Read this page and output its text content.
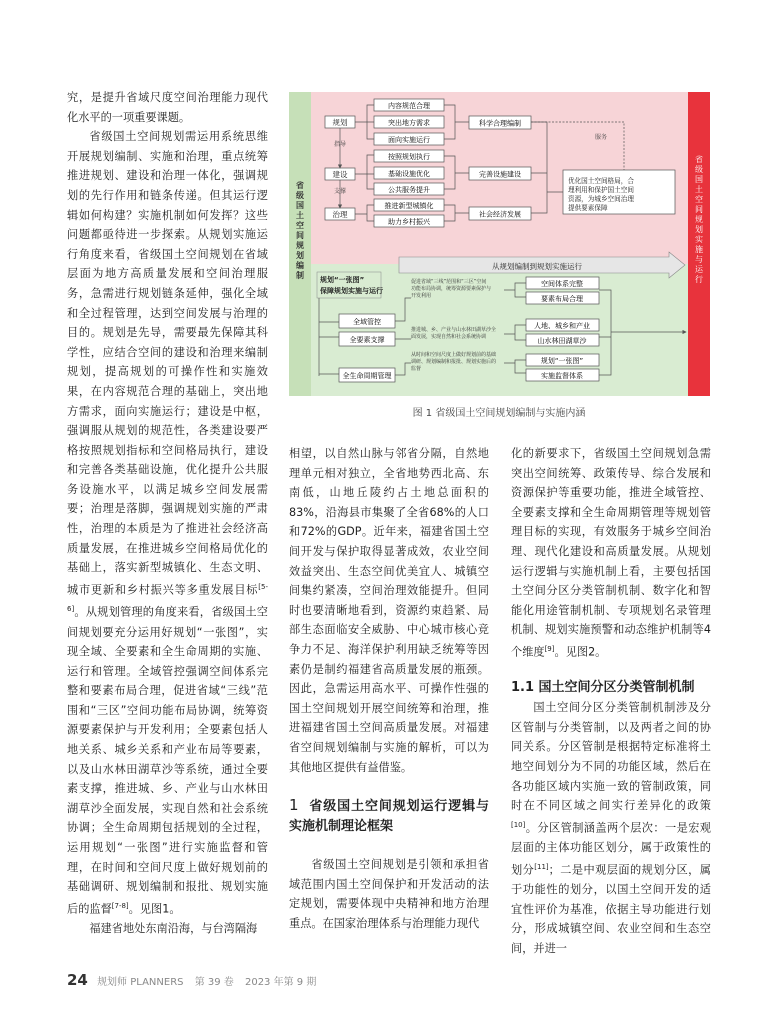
省级国土空间规划编制
省级国土空间规划实施与运行
规划
指导
建设
支撑
治理
内容规范合理
突出地方需求
面向实施运行
按照规划执行
基础设施优化
公共服务提升
推进新型城镇化
助力乡村振兴
科学合理编制
完善设施建设
社会经济发展
服务
优化国土空间格局，合 理利用和保护国土空间 资源，为城乡空间治理 提供要素保障
从规划编制到规划实施运行
规划“一张图” 保障规划实施与运行
全域管控
全要素支撑
全生命周期管理
促进省域“三线”范围和“三区”空间 功能布局协调，统筹资源要素保护与 开发利用
推进城、乡、产业与山水林田湖草沙全 面发展，实现自然和社会系统协调
从时间和空间尺度上做好规划前的基础 调研、规划编制和报批、规划实施后的 监督
空间体系完整
要素布局合理
人地、城乡和产业
山水林田湖草沙
规划“一张图”
实施监督体系
图 1 省级国土空间规划编制与实施内涵

究，是提升省域尺度空间治理能力现代化水平的一项重要课题。

省级国土空间规划需运用系统思维开展规划编制、实施和治理，重点统筹推进规划、建设和治理一体化，强调规划的先行作用和链条传递。但其运行逻辑如何构建？实施机制如何发挥？这些问题都亟待进一步探索。从规划实施运行角度来看，省级国土空间规划在省域层面为地方高质量发展和空间治理服务，急需进行规划链条延伸，强化全域和全过程管理，达到空间发展与治理的目的。规划是先导，需要最先保障其科学性，应结合空间的建设和治理来编制规划，提高规划的可操作性和实施效果，在内容规范合理的基础上，突出地方需求，面向实施运行；建设是中枢，强调服从规划的规范性，各类建设要严格按照规划指标和空间格局执行，建设和完善各类基础设施，优化提升公共服务设施水平，以满足城乡空间发展需要；治理是落脚，强调规划实施的严肃性，治理的本质是为了推进社会经济高质量发展，在推进城乡空间格局优化的基础上，落实新型城镇化、生态文明、城市更新和乡村振兴等多重发展目标[5-6]。从规划管理的角度来看，省级国土空间规划要充分运用好规划“一张图”，实现全域、全要素和全生命周期的实施、运行和管理。全域管控强调空间体系完整和要素布局合理，促进省域“三线”范围和“三区”空间功能布局协调，统筹资源要素保护与开发利用；全要素包括人地关系、城乡关系和产业布局等要素，以及山水林田湖草沙等系统，通过全要素支撑，推进城、乡、产业与山水林田湖草沙全面发展，实现自然和社会系统协调；全生命周期包括规划的全过程，运用规划“一张图”进行实施监督和管理，在时间和空间尺度上做好规划前的基础调研、规划编制和报批、规划实施后的监督[7-8]。见图1。

福建省地处东南沿海，与台湾隔海

相望，以自然山脉与邻省分隔，自然地理单元相对独立，全省地势西北高、东南低，山地丘陵约占土地总面积的83%，沿海县市集聚了全省68%的人口和72%的GDP。近年来，福建省国土空间开发与保护取得显著成效，农业空间效益突出、生态空间优美宜人、城镇空间集约紧凑，空间治理效能提升。但同时也要清晰地看到，资源约束趋紧、局部生态面临安全威胁、中心城市核心竞争力不足、海洋保护利用缺乏统筹等因素仍是制约福建省高质量发展的瓶颈。因此，急需运用高水平、可操作性强的国土空间规划开展空间统筹和治理，推进福建省国土空间高质量发展。对福建省空间规划编制与实施的解析，可以为其他地区提供有益借鉴。

1 省级国土空间规划运行逻辑与实施机制理论框架

省级国土空间规划是引领和承担省域范围内国土空间保护和开发活动的法定规划，需要体现中央精神和地方治理重点。在国家治理体系与治理能力现代

化的新要求下，省级国土空间规划急需突出空间统筹、政策传导、综合发展和资源保护等重要功能，推进全域管控、全要素支撑和全生命周期管理等规划管理目标的实现，有效服务于城乡空间治理、现代化建设和高质量发展。从规划运行逻辑与实施机制上看，主要包括国土空间分区分类管制机制、数字化和智能化用途管制机制、专项规划名录管理机制、规划实施预警和动态维护机制等4个维度[9]。见图2。

1.1 国土空间分区分类管制机制

国土空间分区分类管制机制涉及分区管制与分类管制，以及两者之间的协同关系。分区管制是根据特定标准将土地空间划分为不同的功能区域，然后在各功能区域内实施一致的管制政策，同时在不同区域之间实行差异化的政策[10]。分区管制涵盖两个层次：一是宏观层面的主体功能区划分，属于政策性的划分[11]；二是中观层面的规划分区，属于功能性的划分，以国土空间开发的适宜性评价为基准，依据主导功能进行划分，形成城镇空间、农业空间和生态空间，并进一

24 规划师 PLANNERS 第 39 卷 2023 年第 9 期
